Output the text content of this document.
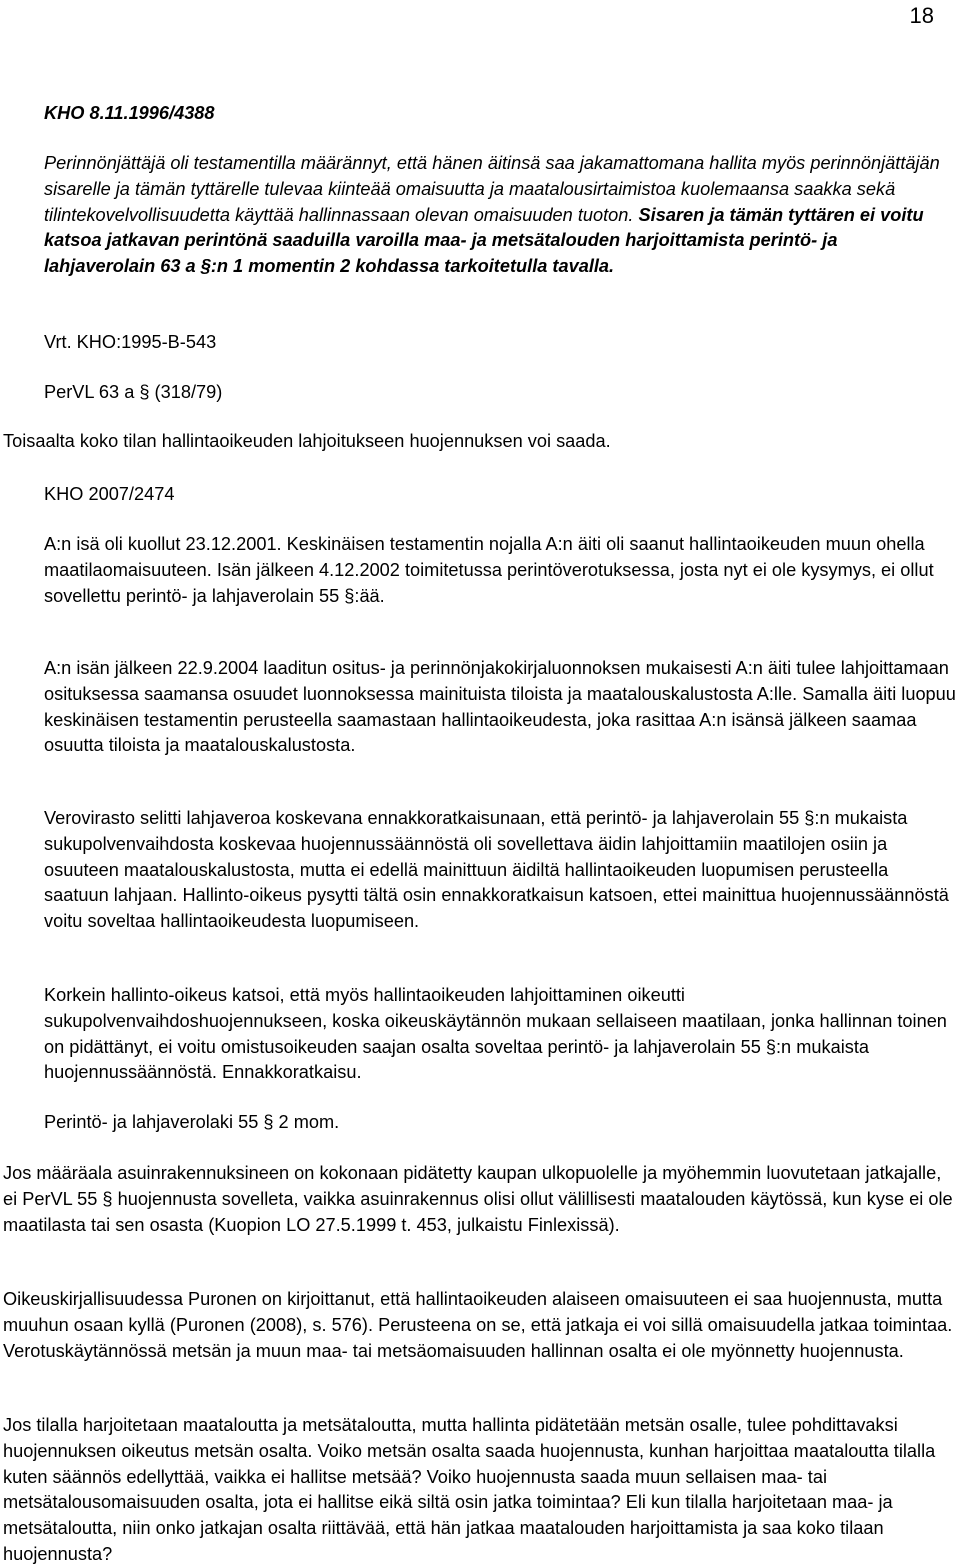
18
KHO 8.11.1996/4388
Perinnönjättäjä oli testamentilla määrännyt, että hänen äitinsä saa jakamattomana hallita myös perinnönjättäjän sisarelle ja tämän tyttärelle tulevaa kiinteää omaisuutta ja maatalousirtaimistoa kuolemaansa saakka sekä tilintekovelvollisuudetta käyttää hallinnassaan olevan omaisuuden tuoton. Sisaren ja tämän tyttären ei voitu katsoa jatkavan perintönä saaduilla varoilla maa- ja metsätalouden harjoittamista perintö- ja lahjaverolain 63 a §:n 1 momentin 2 kohdassa tarkoitetulla tavalla.
Vrt. KHO:1995-B-543
PerVL 63 a § (318/79)
Toisaalta koko tilan hallintaoikeuden lahjoitukseen huojennuksen voi saada.
KHO 2007/2474
A:n isä oli kuollut 23.12.2001. Keskinäisen testamentin nojalla A:n äiti oli saanut hallintaoikeuden muun ohella maatilaomaisuuteen. Isän jälkeen 4.12.2002 toimitetussa perintöverotuksessa, josta nyt ei ole kysymys, ei ollut sovellettu perintö- ja lahjaverolain 55 §:ää.
A:n isän jälkeen 22.9.2004 laaditun ositus- ja perinnönjakokirjaluonnoksen mukaisesti A:n äiti tulee lahjoittamaan osituksessa saamansa osuudet luonnoksessa mainituista tiloista ja maatalouskalustosta A:lle. Samalla äiti luopuu keskinäisen testamentin perusteella saamastaan hallintaoikeudesta, joka rasittaa A:n isänsä jälkeen saamaa osuutta tiloista ja maatalouskalustosta.
Verovirasto selitti lahjaveroa koskevana ennakkoratkaisunaan, että perintö- ja lahjaverolain 55 §:n mukaista sukupolvenvaihdosta koskevaa huojennussäännöstä oli sovellettava äidin lahjoittamiin maatilojen osiin ja osuuteen maatalouskalustosta, mutta ei edellä mainittuun äidiltä hallintaoikeuden luopumisen perusteella saatuun lahjaan. Hallinto-oikeus pysytti tältä osin ennakkoratkaisun katsoen, ettei mainittua huojennussäännöstä voitu soveltaa hallintaoikeudesta luopumiseen.
Korkein hallinto-oikeus katsoi, että myös hallintaoikeuden lahjoittaminen oikeutti sukupolvenvaihdoshuojennukseen, koska oikeuskäytännön mukaan sellaiseen maatilaan, jonka hallinnan toinen on pidättänyt, ei voitu omistusoikeuden saajan osalta soveltaa perintö- ja lahjaverolain 55 §:n mukaista huojennussäännöstä. Ennakkoratkaisu.
Perintö- ja lahjaverolaki 55 § 2 mom.
Jos määräala asuinrakennuksineen on kokonaan pidätetty kaupan ulkopuolelle ja myöhemmin luovutetaan jatkajalle, ei PerVL 55 § huojennusta sovelleta, vaikka asuinrakennus olisi ollut välillisesti maatalouden käytössä, kun kyse ei ole maatilasta tai sen osasta (Kuopion LO 27.5.1999 t. 453, julkaistu Finlexissä).
Oikeuskirjallisuudessa Puronen on kirjoittanut, että hallintaoikeuden alaiseen omaisuuteen ei saa huojennusta, mutta muuhun osaan kyllä (Puronen (2008), s. 576). Perusteena on se, että jatkaja ei voi sillä omaisuudella jatkaa toimintaa. Verotuskäytännössä metsän ja muun maa- tai metsäomaisuuden hallinnan osalta ei ole myönnetty huojennusta.
Jos tilalla harjoitetaan maataloutta ja metsätaloutta, mutta hallinta pidätetään metsän osalle, tulee pohdittavaksi huojennuksen oikeutus metsän osalta. Voiko metsän osalta saada huojennusta, kunhan harjoittaa maataloutta tilalla kuten säännös edellyttää, vaikka ei hallitse metsää? Voiko huojennusta saada muun sellaisen maa- tai metsätalousomaisuuden osalta, jota ei hallitse eikä siltä osin jatka toimintaa? Eli kun tilalla harjoitetaan maa- ja metsätaloutta, niin onko jatkajan osalta riittävää, että hän jatkaa maatalouden harjoittamista ja saa koko tilaan huojennusta?
